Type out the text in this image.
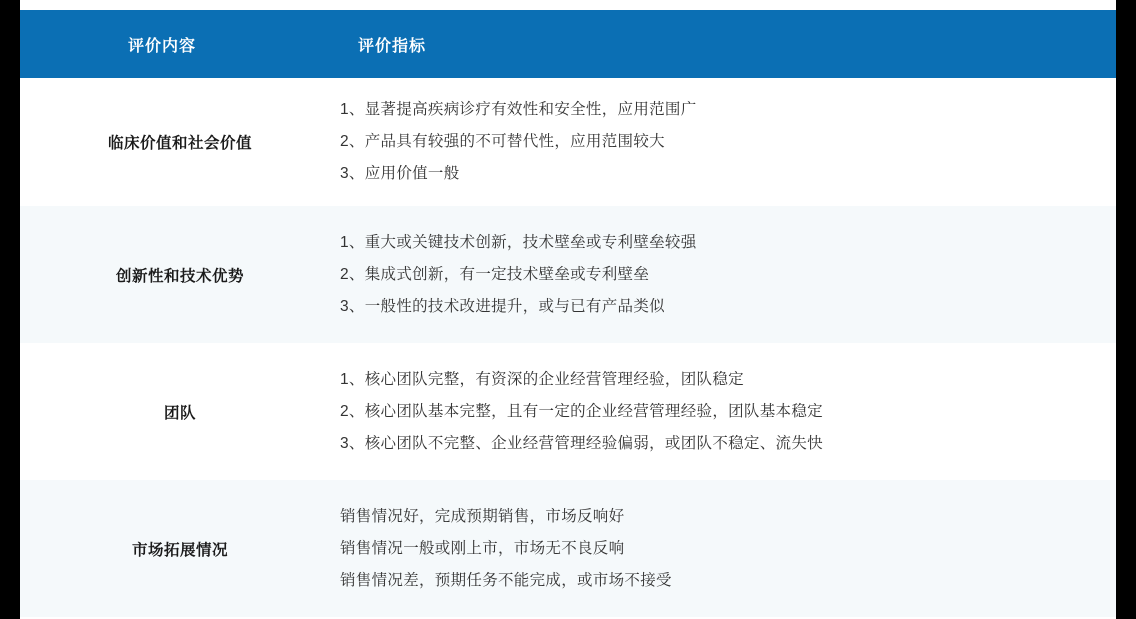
评价内容	评价指标

临床价值和社会价值	1、显著提高疾病诊疗有效性和安全性，应用范围广
2、产品具有较强的不可替代性，应用范围较大
3、应用价值一般

创新性和技术优势	1、重大或关键技术创新，技术壁垒或专利壁垒较强
2、集成式创新，有一定技术壁垒或专利壁垒
3、一般性的技术改进提升，或与已有产品类似

团队	1、核心团队完整，有资深的企业经营管理经验，团队稳定
2、核心团队基本完整，且有一定的企业经营管理经验，团队基本稳定
3、核心团队不完整、企业经营管理经验偏弱，或团队不稳定、流失快

市场拓展情况	销售情况好，完成预期销售，市场反响好
销售情况一般或刚上市，市场无不良反响
销售情况差，预期任务不能完成，或市场不接受
